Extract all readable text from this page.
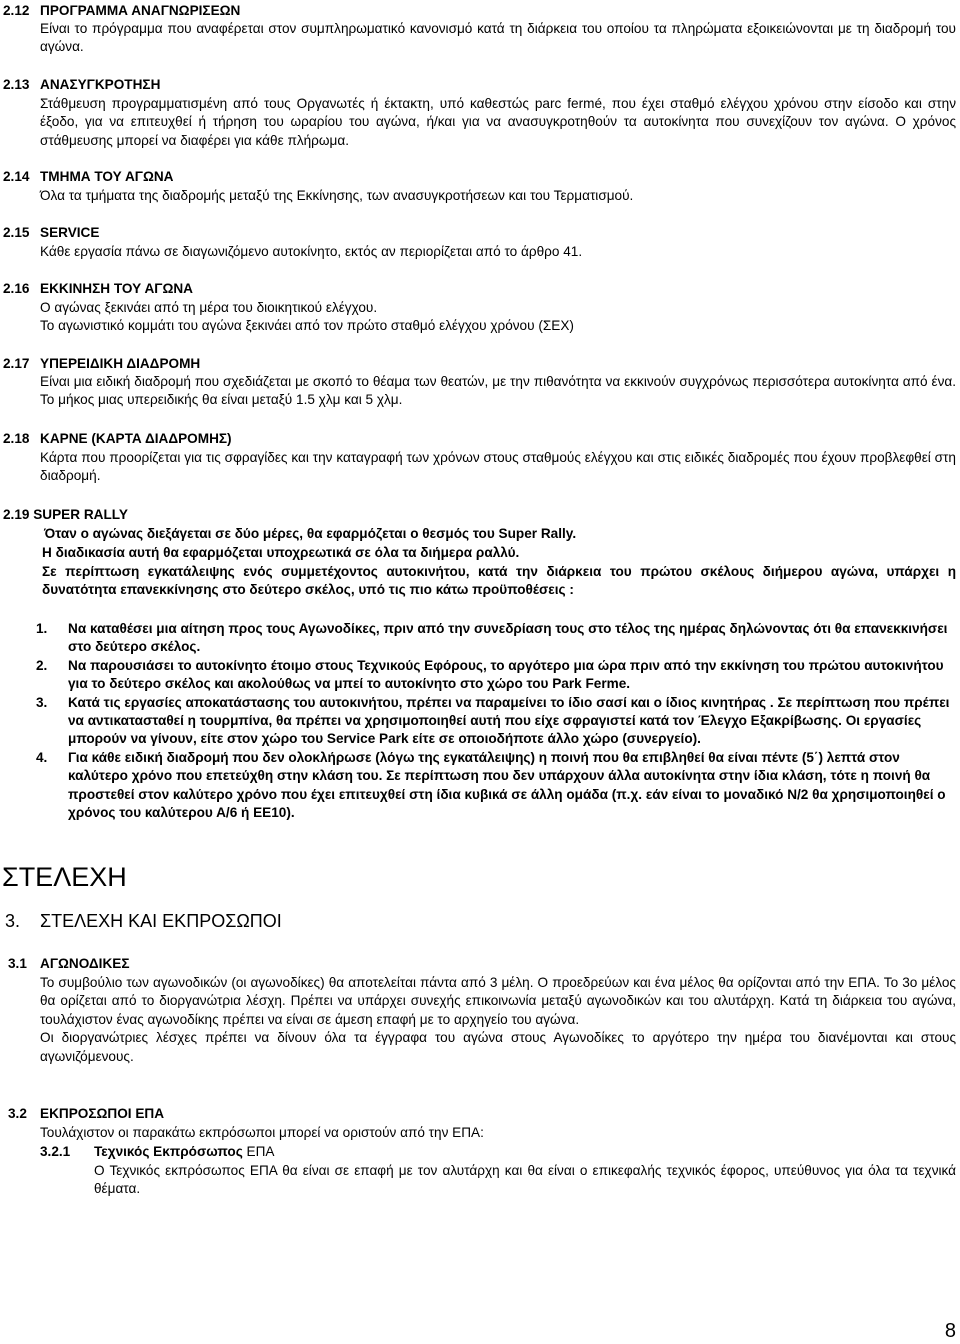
2.12 ΠΡΟΓΡΑΜΜΑ ΑΝΑΓΝΩΡΙΣΕΩΝ

Είναι το πρόγραμμα που αναφέρεται στον συμπληρωματικό κανονισμό κατά τη διάρκεια του οποίου τα πληρώματα εξοικειώνονται με τη διαδρομή του αγώνα.

2.13 ΑΝΑΣΥΓΚΡΟΤΗΣΗ

Στάθμευση προγραμματισμένη από τους Οργανωτές ή έκτακτη, υπό καθεστώς parc fermé, που έχει σταθμό ελέγχου χρόνου στην είσοδο και στην έξοδο, για να επιτευχθεί ή τήρηση του ωραρίου του αγώνα, ή/και για να ανασυγκροτηθούν τα αυτοκίνητα που συνεχίζουν τον αγώνα. Ο χρόνος στάθμευσης μπορεί να διαφέρει για κάθε πλήρωμα.

2.14 ΤΜΗΜΑ ΤΟΥ ΑΓΩΝΑ

Όλα τα τμήματα της διαδρομής μεταξύ της Εκκίνησης, των ανασυγκροτήσεων και του Τερματισμού.

2.15 SERVICE

Κάθε εργασία πάνω σε διαγωνιζόμενο αυτοκίνητο, εκτός αν περιορίζεται από το άρθρο 41.

2.16 ΕΚΚΙΝΗΣΗ ΤΟΥ ΑΓΩΝΑ

Ο αγώνας ξεκινάει από τη μέρα του διοικητικού ελέγχου.

Το αγωνιστικό κομμάτι του αγώνα ξεκινάει από τον πρώτο σταθμό ελέγχου χρόνου (ΣΕΧ)

2.17 ΥΠΕΡΕΙΔΙΚΗ ΔΙΑΔΡΟΜΗ

Είναι μια ειδική διαδρομή που σχεδιάζεται με σκοπό το θέαμα των θεατών, με την πιθανότητα να εκκινούν συγχρόνως περισσότερα αυτοκίνητα από ένα. Το μήκος μιας υπερειδικής θα είναι μεταξύ 1.5 χλμ και 5 χλμ.

2.18 ΚΑΡΝΕ (ΚΑΡΤΑ ΔΙΑΔΡΟΜΗΣ)

Κάρτα που προορίζεται για τις σφραγίδες και την καταγραφή των χρόνων στους σταθμούς ελέγχου και στις ειδικές διαδρομές που έχουν προβλεφθεί στη διαδρομή.

2.19 SUPER RALLY
Όταν ο αγώνας διεξάγεται σε δύο μέρες, θα εφαρμόζεται ο θεσμός του Super Rally.
Η διαδικασία αυτή θα εφαρμόζεται υποχρεωτικά σε όλα τα διήμερα ραλλύ.
Σε περίπτωση εγκατάλειψης ενός συμμετέχοντος αυτοκινήτου, κατά την διάρκεια του πρώτου σκέλους διήμερου αγώνα, υπάρχει η δυνατότητα επανεκκίνησης στο δεύτερο σκέλος, υπό τις πιο κάτω προϋποθέσεις :
1. Να καταθέσει μια αίτηση προς τους Αγωνοδίκες, πριν από την συνεδρίαση τους στο τέλος της ημέρας δηλώνοντας ότι θα επανεκκινήσει στο δεύτερο σκέλος.
2. Να παρουσιάσει το αυτοκίνητο έτοιμο στους Τεχνικούς Εφόρους, το αργότερο μια ώρα πριν από την εκκίνηση του πρώτου αυτοκινήτου για το δεύτερο σκέλος και ακολούθως να μπεί το αυτοκίνητο στο χώρο του Park Ferme.
3. Κατά τις εργασίες αποκατάστασης του αυτοκινήτου, πρέπει να παραμείνει το ίδιο σασί και ο ίδιος κινητήρας . Σε περίπτωση που πρέπει να αντικατασταθεί η τουρμπίνα, θα πρέπει να χρησιμοποιηθεί αυτή που είχε σφραγιστεί κατά τον Έλεγχο Εξακρίβωσης. Οι εργασίες μπορούν να γίνουν, είτε στον χώρο του Service Park είτε σε οποιοδήποτε άλλο χώρο (συνεργείο).
4. Για κάθε ειδική διαδρομή που δεν ολοκλήρωσε (λόγω της εγκατάλειψης) η ποινή που θα επιβληθεί θα είναι πέντε (5΄) λεπτά στον καλύτερο χρόνο που επετεύχθη στην κλάση του. Σε περίπτωση που δεν υπάρχουν άλλα αυτοκίνητα στην ίδια κλάση, τότε η ποινή θα προστεθεί στον καλύτερο χρόνο που έχει επιτευχθεί στη ίδια κυβικά σε άλλη ομάδα (π.χ. εάν είναι το μοναδικό Ν/2 θα χρησιμοποιηθεί ο χρόνος του καλύτερου Α/6 ή ΕΕ10).
ΣΤΕΛΕΧΗ
3. ΣΤΕΛΕΧΗ ΚΑΙ ΕΚΠΡΟΣΩΠΟΙ
3.1 ΑΓΩΝΟΔΙΚΕΣ

Το συμβούλιο των αγωνοδικών (οι αγωνοδίκες) θα αποτελείται πάντα από 3 μέλη. Ο προεδρεύων και ένα μέλος θα ορίζονται από την ΕΠΑ. Το 3ο μέλος θα ορίζεται από το διοργανώτρια λέσχη. Πρέπει να υπάρχει συνεχής επικοινωνία μεταξύ αγωνοδικών και του αλυτάρχη. Κατά τη διάρκεια του αγώνα, τουλάχιστον ένας αγωνοδίκης πρέπει να είναι σε άμεση επαφή με το αρχηγείο του αγώνα.

Οι διοργανώτριες λέσχες πρέπει να δίνουν όλα τα έγγραφα του αγώνα στους Αγωνοδίκες το αργότερο την ημέρα του διανέμονται και στους αγωνιζόμενους.

3.2 ΕΚΠΡΟΣΩΠΟΙ ΕΠΑ

Τουλάχιστον οι παρακάτω εκπρόσωποι μπορεί να οριστούν από την ΕΠΑ:

3.2.1 Τεχνικός Εκπρόσωπος ΕΠΑ
Ο Τεχνικός εκπρόσωπος ΕΠΑ θα είναι σε επαφή με τον αλυτάρχη και θα είναι ο επικεφαλής τεχνικός έφορος, υπεύθυνος για όλα τα τεχνικά θέματα.
8
